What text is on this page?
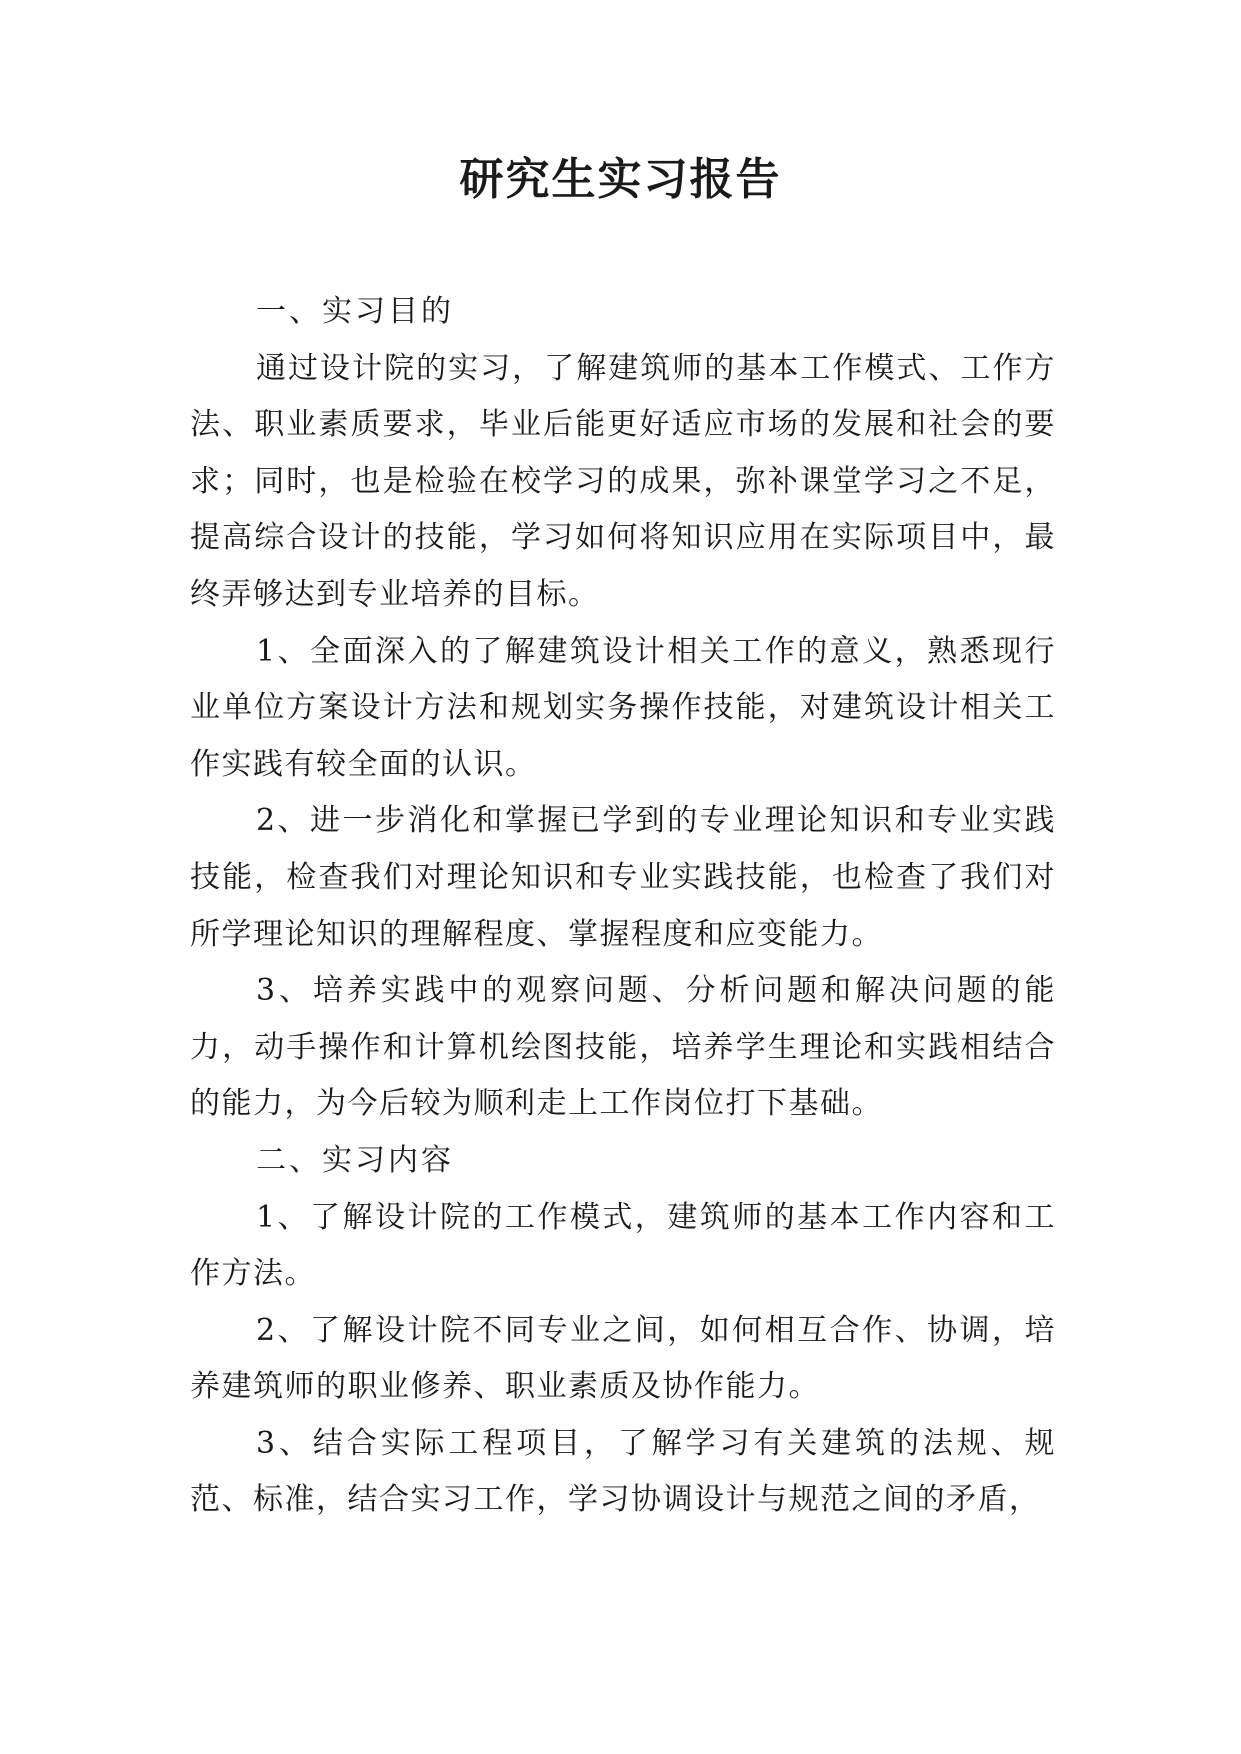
研究生实习报告

一、实习目的

通过设计院的实习，了解建筑师的基本工作模式、工作方法、职业素质要求，毕业后能更好适应市场的发展和社会的要求；同时，也是检验在校学习的成果，弥补课堂学习之不足，提高综合设计的技能，学习如何将知识应用在实际项目中，最终弄够达到专业培养的目标。

1、全面深入的了解建筑设计相关工作的意义，熟悉现行业单位方案设计方法和规划实务操作技能，对建筑设计相关工作实践有较全面的认识。

2、进一步消化和掌握已学到的专业理论知识和专业实践技能，检查我们对理论知识和专业实践技能，也检查了我们对所学理论知识的理解程度、掌握程度和应变能力。

3、培养实践中的观察问题、分析问题和解决问题的能力，动手操作和计算机绘图技能，培养学生理论和实践相结合的能力，为今后较为顺利走上工作岗位打下基础。

二、实习内容

1、了解设计院的工作模式，建筑师的基本工作内容和工作方法。

2、了解设计院不同专业之间，如何相互合作、协调，培养建筑师的职业修养、职业素质及协作能力。

3、结合实际工程项目，了解学习有关建筑的法规、规范、标准，结合实习工作，学习协调设计与规范之间的矛盾，
